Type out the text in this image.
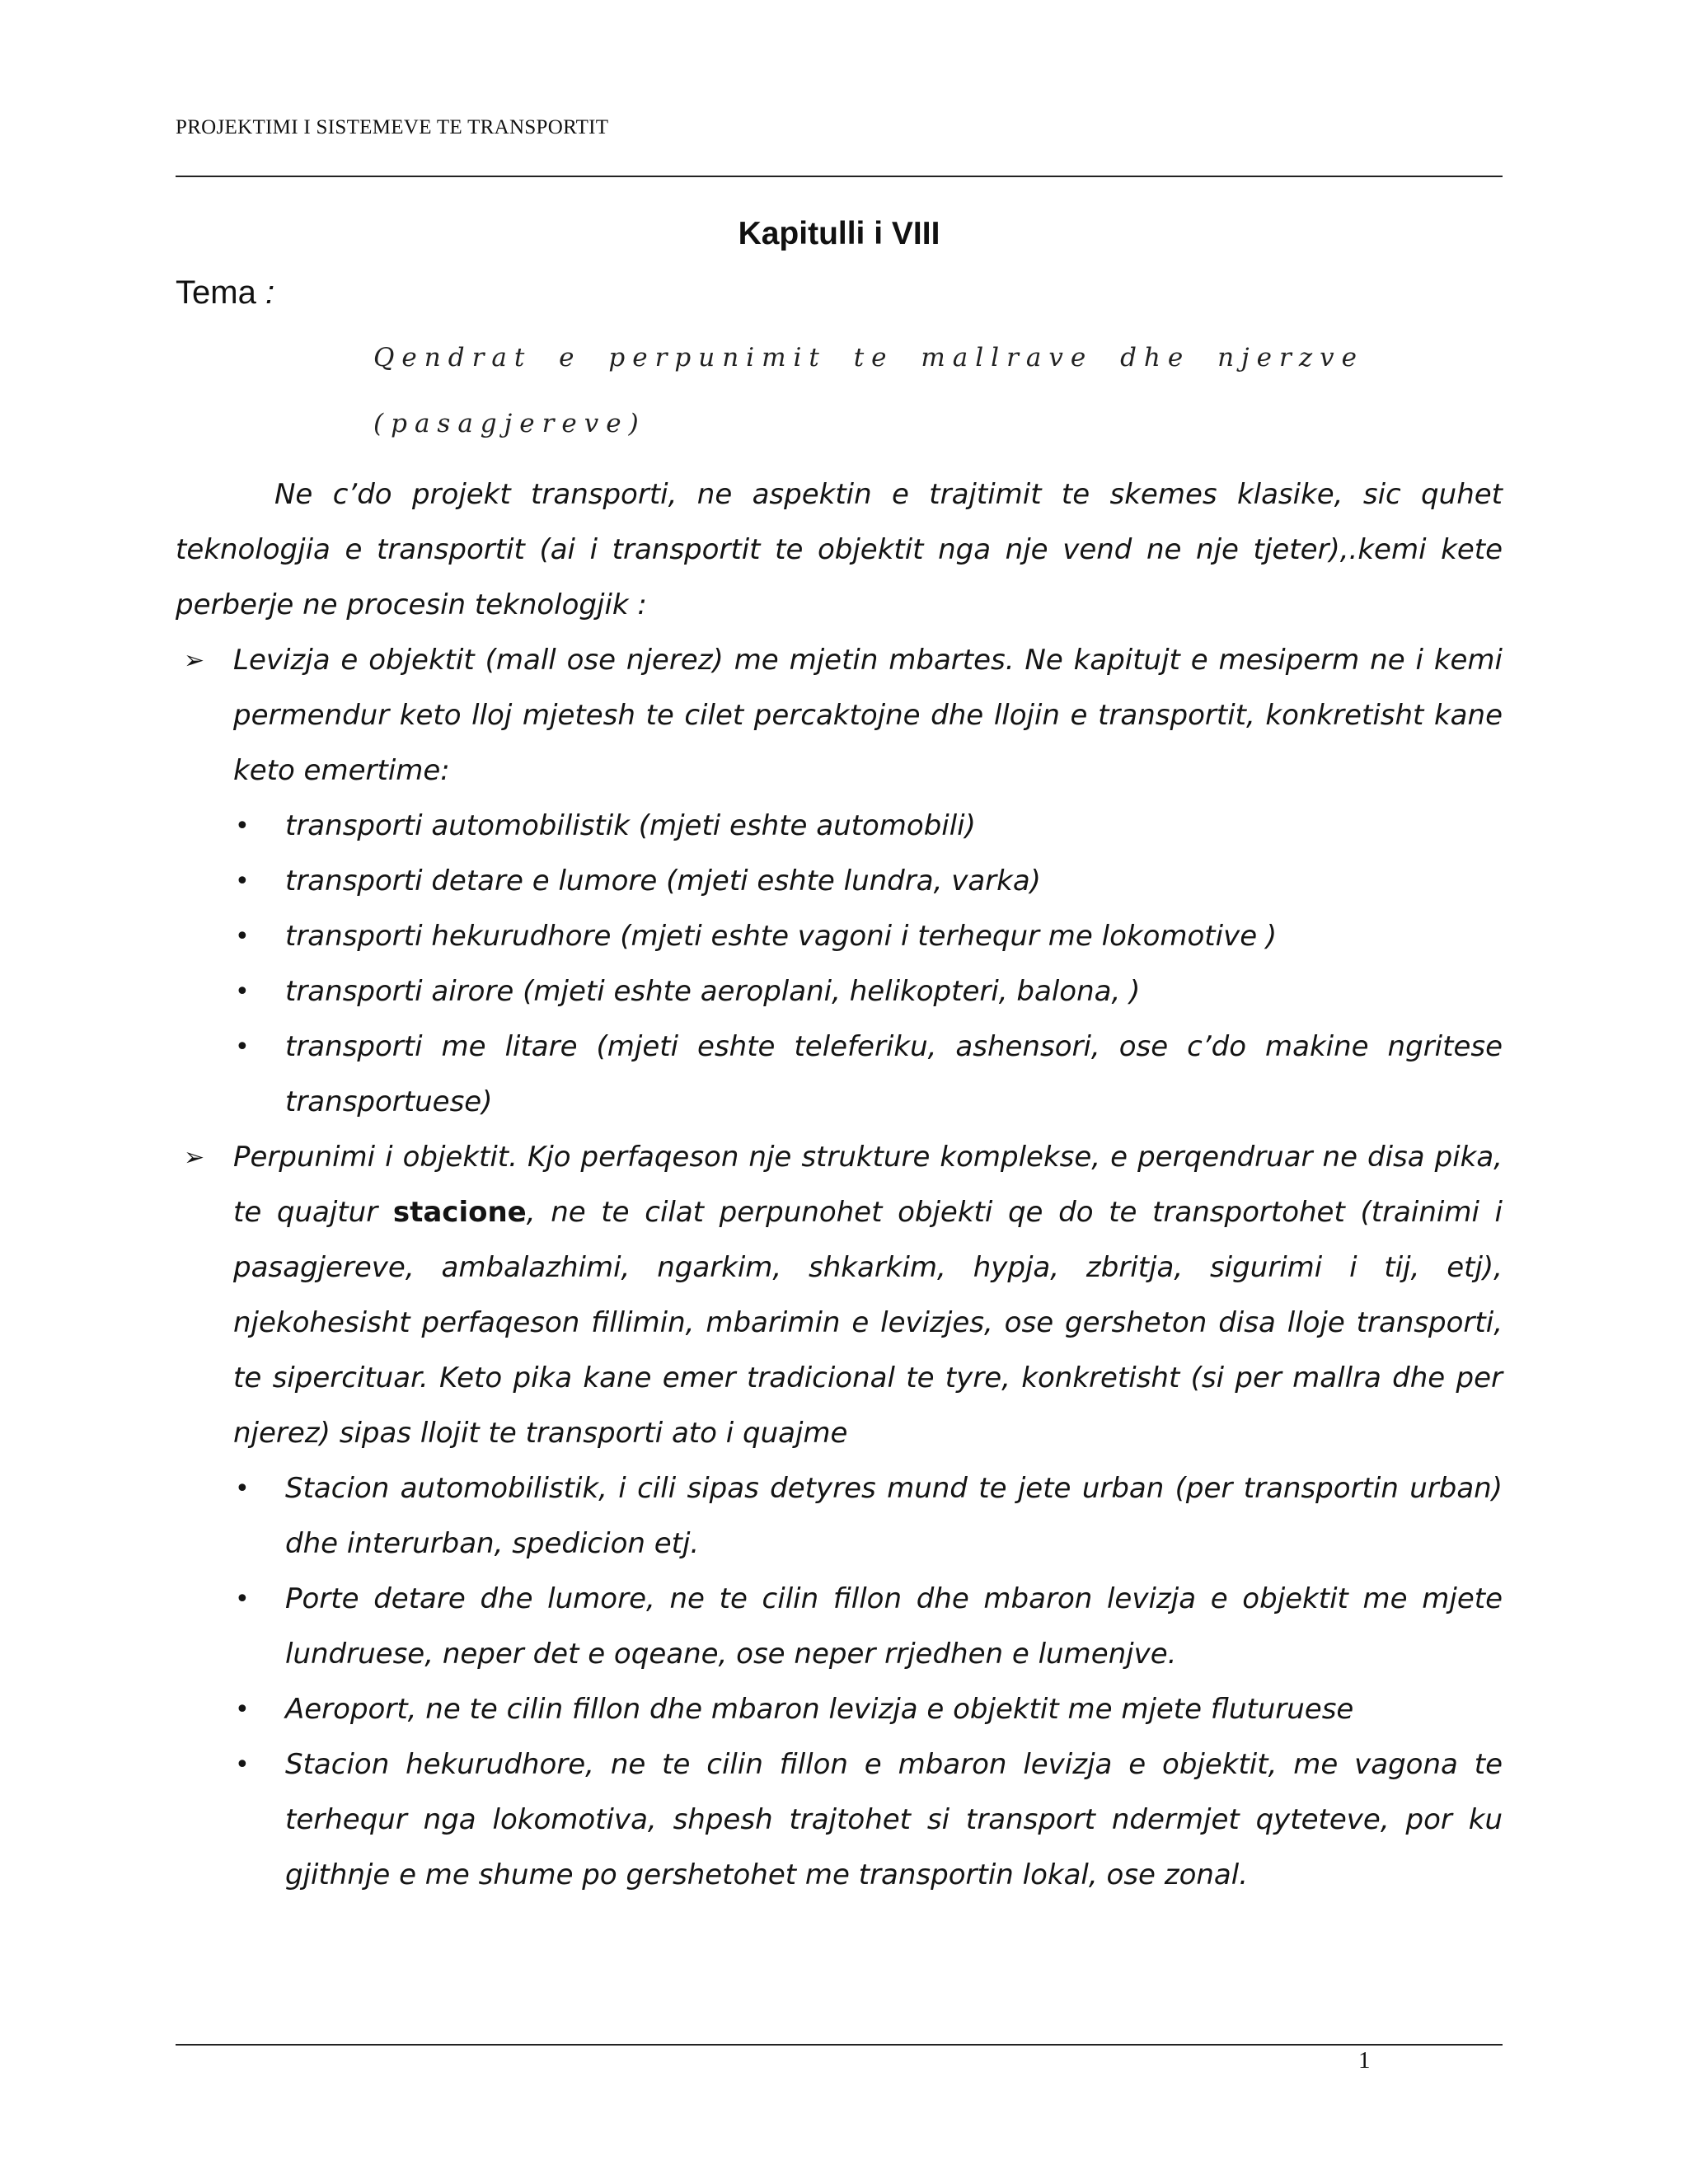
PROJEKTIMI I SISTEMEVE TE TRANSPORTIT
Kapitulli i VIII
Tema :
Qendrat e perpunimit te mallrave dhe njerzve
(pasagjereve)

Ne c’do projekt transporti, ne aspektin e trajtimit te skemes klasike, sic quhet teknologjia e transportit (ai i transportit te objektit nga nje vend ne nje tjeter),.kemi kete perberje ne procesin teknologjik :

➢ Levizja e objektit (mall ose njerez) me mjetin mbartes. Ne kapitujt e mesiperm ne i kemi permendur keto lloj mjetesh te cilet percaktojne dhe llojin e transportit, konkretisht kane keto emertime:
• transporti automobilistik (mjeti eshte automobili)
• transporti detare e lumore (mjeti eshte lundra, varka)
• transporti hekurudhore (mjeti eshte vagoni i terhequr me lokomotive )
• transporti airore (mjeti eshte aeroplani, helikopteri, balona, )
• transporti me litare (mjeti eshte teleferiku, ashensori, ose c’do makine ngritese transportuese)
➢ Perpunimi i objektit. Kjo perfaqeson nje strukture komplekse, e perqendruar ne disa pika, te quajtur stacione, ne te cilat perpunohet objekti qe do te transportohet (trainimi i pasagjereve, ambalazhimi, ngarkim, shkarkim, hypja, zbritja, sigurimi i tij, etj), njekohesisht perfaqeson fillimin, mbarimin e levizjes, ose gersheton disa lloje transporti, te sipercituar. Keto pika kane emer tradicional te tyre, konkretisht (si per mallra dhe per njerez) sipas llojit te transporti ato i quajme
• Stacion automobilistik, i cili sipas detyres mund te jete urban (per transportin urban) dhe interurban, spedicion etj.
• Porte detare dhe lumore, ne te cilin fillon dhe mbaron levizja e objektit me mjete lundruese, neper det e oqeane, ose neper rrjedhen e lumenjve.
• Aeroport, ne te cilin fillon dhe mbaron levizja e objektit me mjete fluturuese
• Stacion hekurudhore, ne te cilin fillon e mbaron levizja e objektit, me vagona te terhequr nga lokomotiva, shpesh trajtohet si transport ndermjet qyteteve, por ku gjithnje e me shume po gershetohet me transportin lokal, ose zonal.
1
